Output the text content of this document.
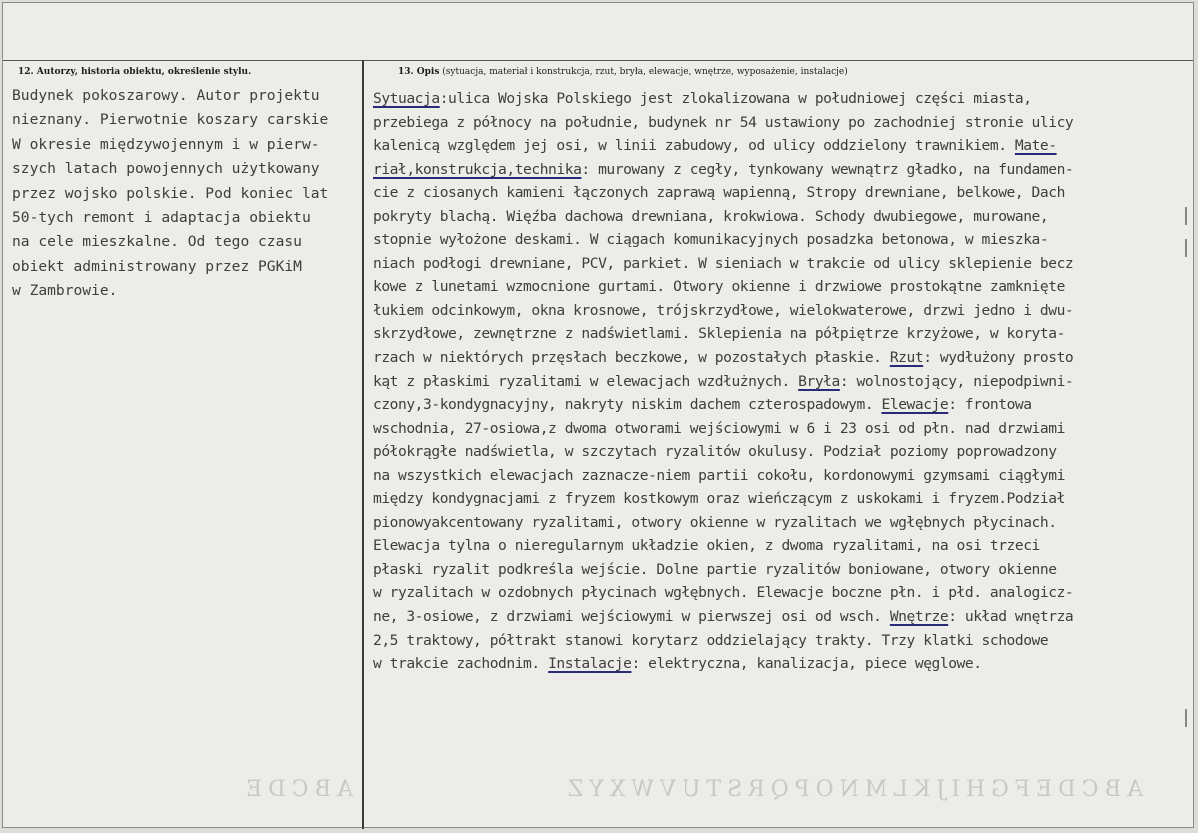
12. Autorzy, historia obiektu, określenie stylu.	13. Opis (sytuacja, materiał i konstrukcja, rzut, bryła, elewacje, wnętrze, wyposażenie, instalacje)
Budynek pokoszarowy. Autor projektu
nieznany. Pierwotnie koszary carskie
W okresie międzywojennym i w pierw-
szych latach powojennych użytkowany
przez wojsko polskie. Pod koniec lat
50-tych remont i adaptacja obiektu
na cele mieszkalne. Od tego czasu
obiekt administrowany przez PGKiM
w Zambrowie.
Sytuacja:ulica Wojska Polskiego jest zlokalizowana w południowej części miasta,
przebiega z północy na południe, budynek nr 54 ustawiony po zachodniej stronie ulicy
kalenicą względem jej osi, w linii zabudowy, od ulicy oddzielony trawnikiem. Mate-
riał,konstrukcja,technika: murowany z cegły, tynkowany wewnątrz gładko, na fundamen-
cie z ciosanych kamieni łączonych zaprawą wapienną, Stropy drewniane, belkowe, Dach
pokryty blachą. Więźba dachowa drewniana, krokwiowa. Schody dwubiegowe, murowane,
stopnie wyłożone deskami. W ciągach komunikacyjnych posadzka betonowa, w mieszka-
niach podłogi drewniane, PCV, parkiet. W sieniach w trakcie od ulicy sklepienie becz
kowe z lunetami wzmocnione gurtami. Otwory okienne i drzwiowe prostokątne zamknięte
łukiem odcinkowym, okna krosnowe, trójskrzydłowe, wielokwaterowe, drzwi jedno i dwu-
skrzydłowe, zewnętrzne z nadświetlami. Sklepienia na półpiętrze krzyżowe, w koryta-
rzach w niektórych przęsłach beczkowe, w pozostałych płaskie. Rzut: wydłużony prosto
kąt z płaskimi ryzalitami w elewacjach wzdłużnych. Bryła: wolnostojący, niepodpiwni-
czony,3-kondygnacyjny, nakryty niskim dachem czterospadowym. Elewacje: frontowa
wschodnia, 27-osiowa,z dwoma otworami wejściowymi w 6 i 23 osi od płn. nad drzwiami
półokrągłe nadświetla, w szczytach ryzalitów okulusy. Podział poziomy poprowadzony
na wszystkich elewacjach zaznacze-niem partii cokołu, kordonowymi gzymsami ciągłymi
między kondygnacjami z fryzem kostkowym oraz wieńczącym z uskokami i fryzem.Podział
pionowyakcentowany ryzalitami, otwory okienne w ryzalitach we wgłębnych płycinach.
Elewacja tylna o nieregularnym układzie okien, z dwoma ryzalitami, na osi trzeci
płaski ryzalit podkreśla wejście. Dolne partie ryzalitów boniowane, otwory okienne
w ryzalitach w ozdobnych płycinach wgłębnych. Elewacje boczne płn. i płd. analogicz-
ne, 3-osiowe, z drzwiami wejściowymi w pierwszej osi od wsch. Wnętrze: układ wnętrza
2,5 traktowy, półtrakt stanowi korytarz oddzielający trakty. Trzy klatki schodowe
w trakcie zachodnim. Instalacje: elektryczna, kanalizacja, piece węglowe.
ABCDE	ABCDEFGHIJKLMNOPQRSTUVWXYZ
